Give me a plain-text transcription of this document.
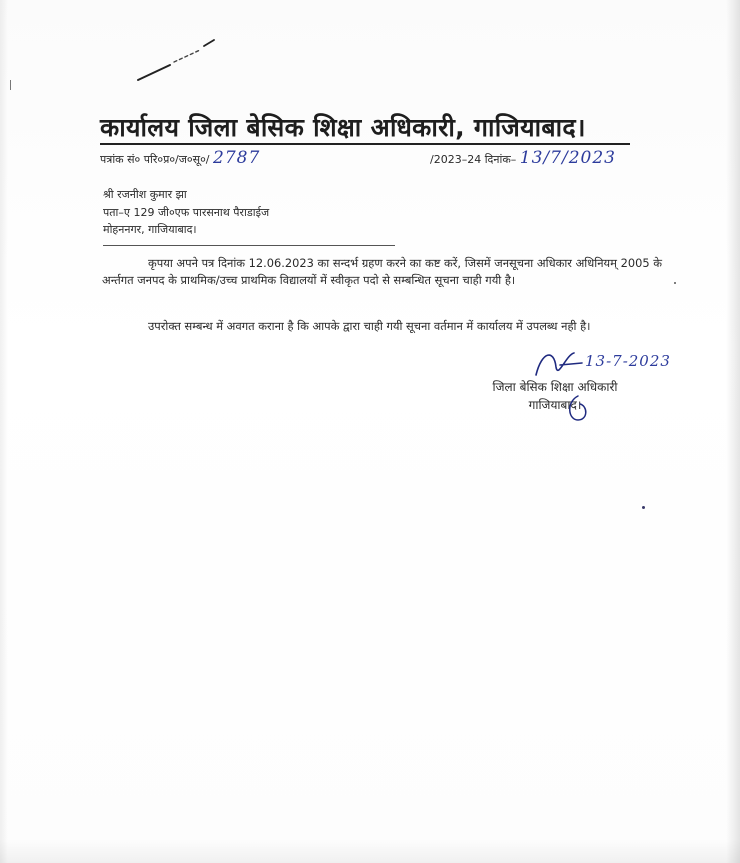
कार्यालय जिला बेसिक शिक्षा अधिकारी, गाजियाबाद।
पत्रांक सं० परि०प्र०/ज०सू०/ 2787	/2023–24 दिनांक– 13/7/2023
श्री रजनीश कुमार झा
पता–ए 129 जी०एफ पारसनाथ पैराडाईज
मोहननगर, गाजियाबाद।
कृपया अपने पत्र दिनांक 12.06.2023 का सन्दर्भ ग्रहण करने का कष्ट करें, जिसमें जनसूचना अधिकार अधिनियम् 2005 के अर्न्तगत जनपद के प्राथमिक/उच्च प्राथमिक विद्यालयों में स्वीकृत पदो से सम्बन्धित सूचना चाही गयी है।
उपरोक्त सम्बन्ध में अवगत कराना है कि आपके द्वारा चाही गयी सूचना वर्तमान में कार्यालय में उपलब्ध नही है।
13-7-2023
जिला बेसिक शिक्षा अधिकारी
गाजियाबाद।
